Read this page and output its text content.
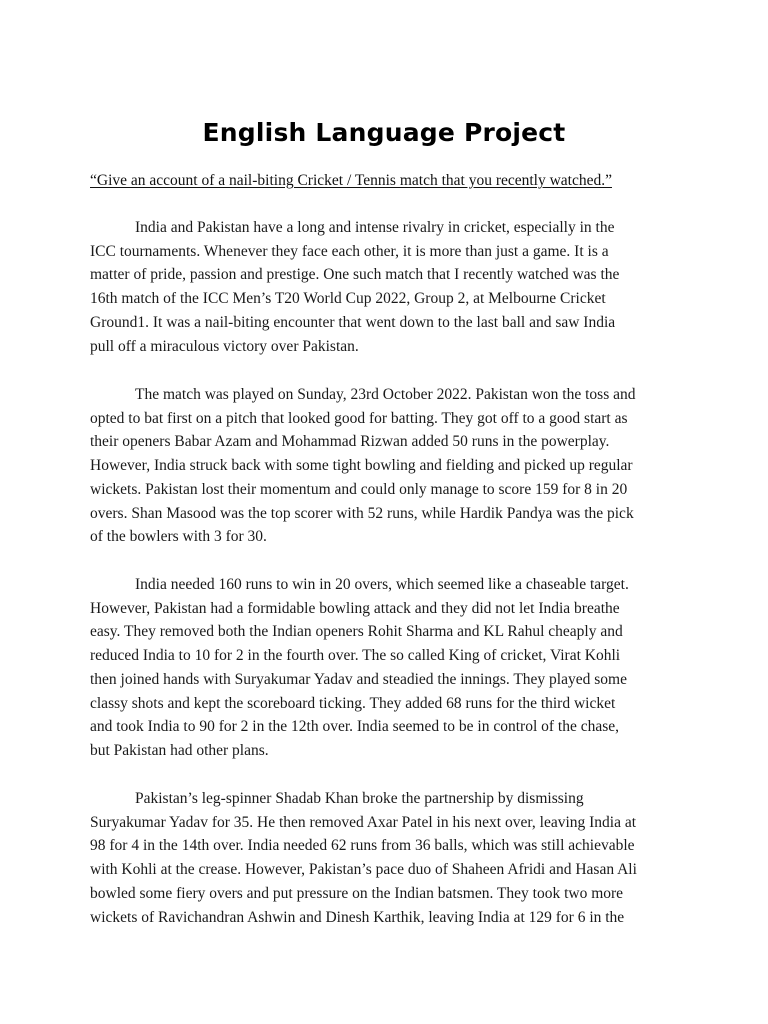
English Language Project

“Give an account of a nail-biting Cricket / Tennis match that you recently watched.”

India and Pakistan have a long and intense rivalry in cricket, especially in the
ICC tournaments. Whenever they face each other, it is more than just a game. It is a
matter of pride, passion and prestige. One such match that I recently watched was the
16th match of the ICC Men’s T20 World Cup 2022, Group 2, at Melbourne Cricket
Ground1. It was a nail-biting encounter that went down to the last ball and saw India
pull off a miraculous victory over Pakistan.

The match was played on Sunday, 23rd October 2022. Pakistan won the toss and
opted to bat first on a pitch that looked good for batting. They got off to a good start as
their openers Babar Azam and Mohammad Rizwan added 50 runs in the powerplay.
However, India struck back with some tight bowling and fielding and picked up regular
wickets. Pakistan lost their momentum and could only manage to score 159 for 8 in 20
overs. Shan Masood was the top scorer with 52 runs, while Hardik Pandya was the pick
of the bowlers with 3 for 30.

India needed 160 runs to win in 20 overs, which seemed like a chaseable target.
However, Pakistan had a formidable bowling attack and they did not let India breathe
easy. They removed both the Indian openers Rohit Sharma and KL Rahul cheaply and
reduced India to 10 for 2 in the fourth over. The so called King of cricket, Virat Kohli
then joined hands with Suryakumar Yadav and steadied the innings. They played some
classy shots and kept the scoreboard ticking. They added 68 runs for the third wicket
and took India to 90 for 2 in the 12th over. India seemed to be in control of the chase,
but Pakistan had other plans.

Pakistan’s leg-spinner Shadab Khan broke the partnership by dismissing
Suryakumar Yadav for 35. He then removed Axar Patel in his next over, leaving India at
98 for 4 in the 14th over. India needed 62 runs from 36 balls, which was still achievable
with Kohli at the crease. However, Pakistan’s pace duo of Shaheen Afridi and Hasan Ali
bowled some fiery overs and put pressure on the Indian batsmen. They took two more
wickets of Ravichandran Ashwin and Dinesh Karthik, leaving India at 129 for 6 in the
